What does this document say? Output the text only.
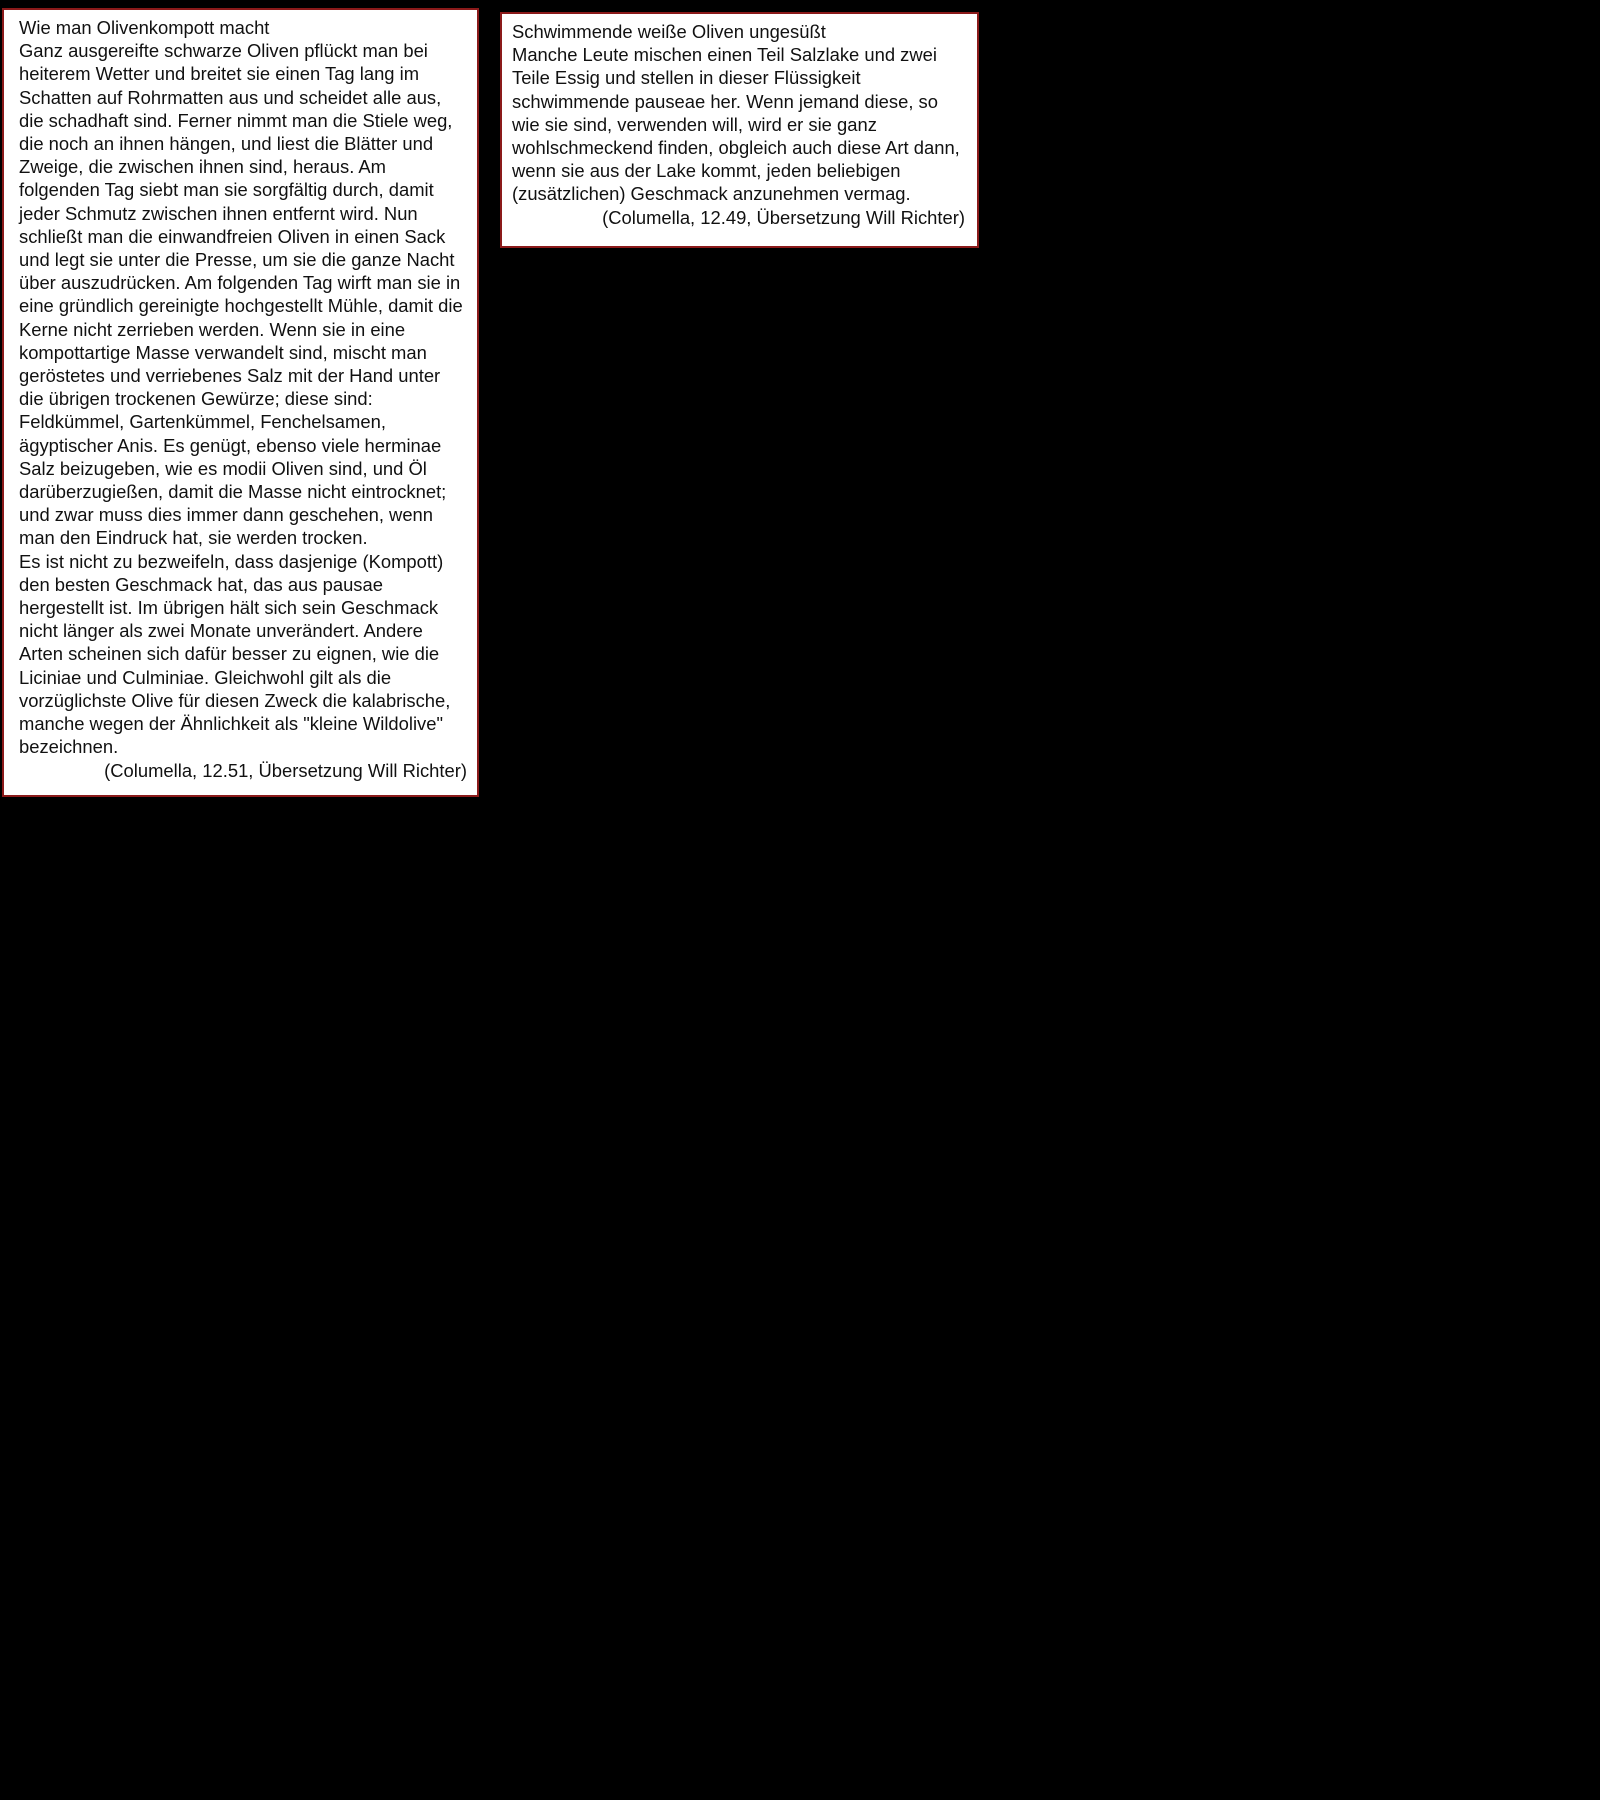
Wie man Olivenkompott macht

Ganz ausgereifte schwarze Oliven pflückt man bei heiterem Wetter und breitet sie einen Tag lang im Schatten auf Rohrmatten aus und scheidet alle aus, die schadhaft sind. Ferner nimmt man die Stiele weg, die noch an ihnen hängen, und liest die Blätter und Zweige, die zwischen ihnen sind, heraus. Am folgenden Tag siebt man sie sorgfältig durch, damit jeder Schmutz zwischen ihnen entfernt wird. Nun schließt man die einwandfreien Oliven in einen Sack und legt sie unter die Presse, um sie die ganze Nacht über auszudrücken. Am folgenden Tag wirft man sie in eine gründlich gereinigte hochgestellt Mühle, damit die Kerne nicht zerrieben werden. Wenn sie in eine kompottartige Masse verwandelt sind, mischt man geröstetes und verriebenes Salz mit der Hand unter die übrigen trockenen Gewürze; diese sind: Feldkümmel, Gartenkümmel, Fenchelsamen, ägyptischer Anis. Es genügt, ebenso viele herminae Salz beizugeben, wie es modii Oliven sind, und Öl darüberzugießen, damit die Masse nicht eintrocknet; und zwar muss dies immer dann geschehen, wenn man den Eindruck hat, sie werden trocken.

Es ist nicht zu bezweifeln, dass dasjenige (Kompott) den besten Geschmack hat, das aus pausae hergestellt ist. Im übrigen hält sich sein Geschmack nicht länger als zwei Monate unverändert. Andere Arten scheinen sich dafür besser zu eignen, wie die Liciniae und Culminiae. Gleichwohl gilt als die vorzüglichste Olive für diesen Zweck die kalabrische, manche wegen der Ähnlichkeit als "kleine Wildolive" bezeichnen.

(Columella, 12.51, Übersetzung Will Richter)

Schwimmende weiße Oliven ungesüßt

Manche Leute mischen einen Teil Salzlake und zwei Teile Essig und stellen in dieser Flüssigkeit schwimmende pauseae her. Wenn jemand diese, so wie sie sind, verwenden will, wird er sie ganz wohlschmeckend finden, obgleich auch diese Art dann, wenn sie aus der Lake kommt, jeden beliebigen (zusätzlichen) Geschmack anzunehmen vermag.

(Columella, 12.49, Übersetzung Will Richter)
